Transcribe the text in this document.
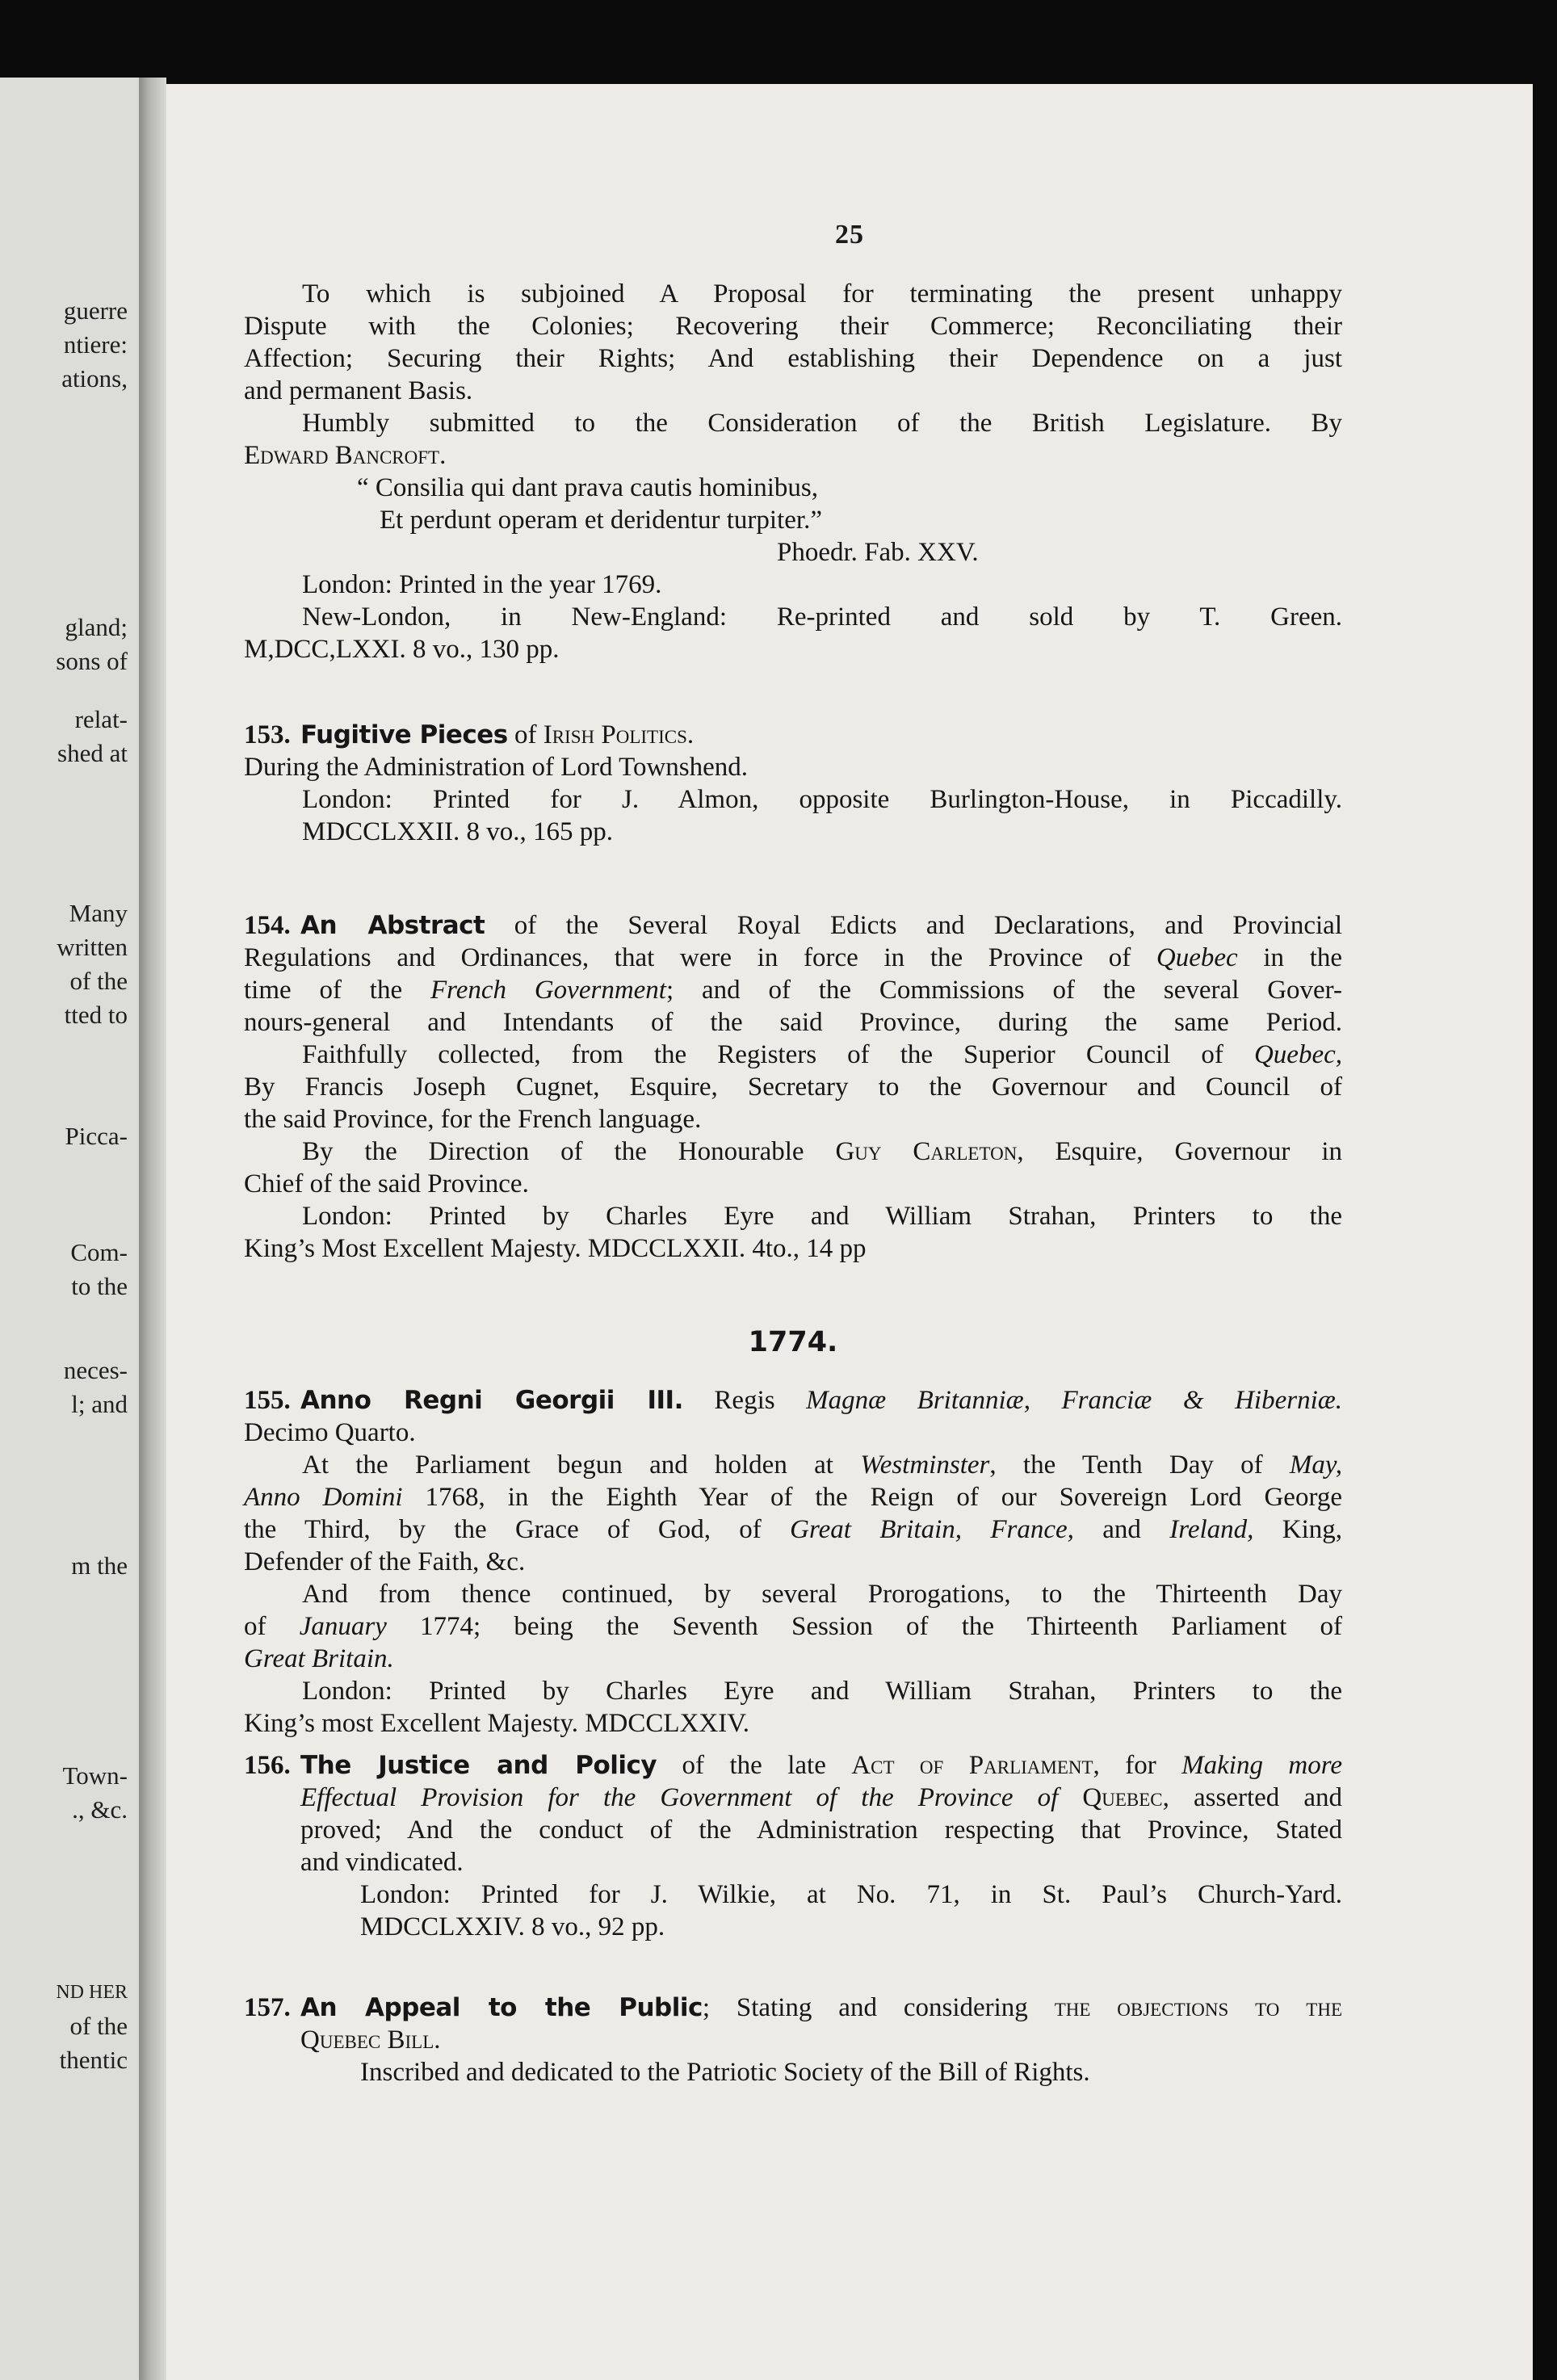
guerre

ntiere:

ations,

gland;

sons of

relat-

shed at

Many

written

of the

tted to

Picca-

Com-

to the

neces-

l; and

m the

Town-

., &c.

ND HER

of the

thentic

25

To which is subjoined A Proposal for terminating the present unhappy

Dispute with the Colonies; Recovering their Commerce; Reconciliating their

Affection; Securing their Rights; And establishing their Dependence on a just

and permanent Basis.

Humbly submitted to the Consideration of the British Legislature. By

Edward Bancroft.

“ Consilia qui dant prava cautis hominibus,

Et perdunt operam et deridentur turpiter.”

Phoedr. Fab. XXV.

London: Printed in the year 1769.

New-London, in New-England: Re-printed and sold by T. Green.

M,DCC,LXXI. 8 vo., 130 pp.

153. Fugitive Pieces of Irish Politics.

During the Administration of Lord Townshend.

London: Printed for J. Almon, opposite Burlington-House, in Piccadilly.

MDCCLXXII. 8 vo., 165 pp.

154. An Abstract of the Several Royal Edicts and Declarations, and Provincial

Regulations and Ordinances, that were in force in the Province of Quebec in the

time of the French Government; and of the Commissions of the several Gover-

nours-general and Intendants of the said Province, during the same Period.

Faithfully collected, from the Registers of the Superior Council of Quebec,

By Francis Joseph Cugnet, Esquire, Secretary to the Governour and Council of

the said Province, for the French language.

By the Direction of the Honourable Guy Carleton, Esquire, Governour in

Chief of the said Province.

London: Printed by Charles Eyre and William Strahan, Printers to the

King’s Most Excellent Majesty. MDCCLXXII. 4to., 14 pp

1774.

155. Anno Regni Georgii III. Regis Magnæ Britanniæ, Franciæ & Hiberniæ.

Decimo Quarto.

At the Parliament begun and holden at Westminster, the Tenth Day of May,

Anno Domini 1768, in the Eighth Year of the Reign of our Sovereign Lord George

the Third, by the Grace of God, of Great Britain, France, and Ireland, King,

Defender of the Faith, &c.

And from thence continued, by several Prorogations, to the Thirteenth Day

of January 1774; being the Seventh Session of the Thirteenth Parliament of

Great Britain.

London: Printed by Charles Eyre and William Strahan, Printers to the

King’s most Excellent Majesty. MDCCLXXIV.

156. The Justice and Policy of the late Act of Parliament, for Making more

Effectual Provision for the Government of the Province of Quebec, asserted and

proved; And the conduct of the Administration respecting that Province, Stated

and vindicated.

London: Printed for J. Wilkie, at No. 71, in St. Paul’s Church-Yard.

MDCCLXXIV. 8 vo., 92 pp.

157. An Appeal to the Public; Stating and considering the objections to the

Quebec Bill.

Inscribed and dedicated to the Patriotic Society of the Bill of Rights.
